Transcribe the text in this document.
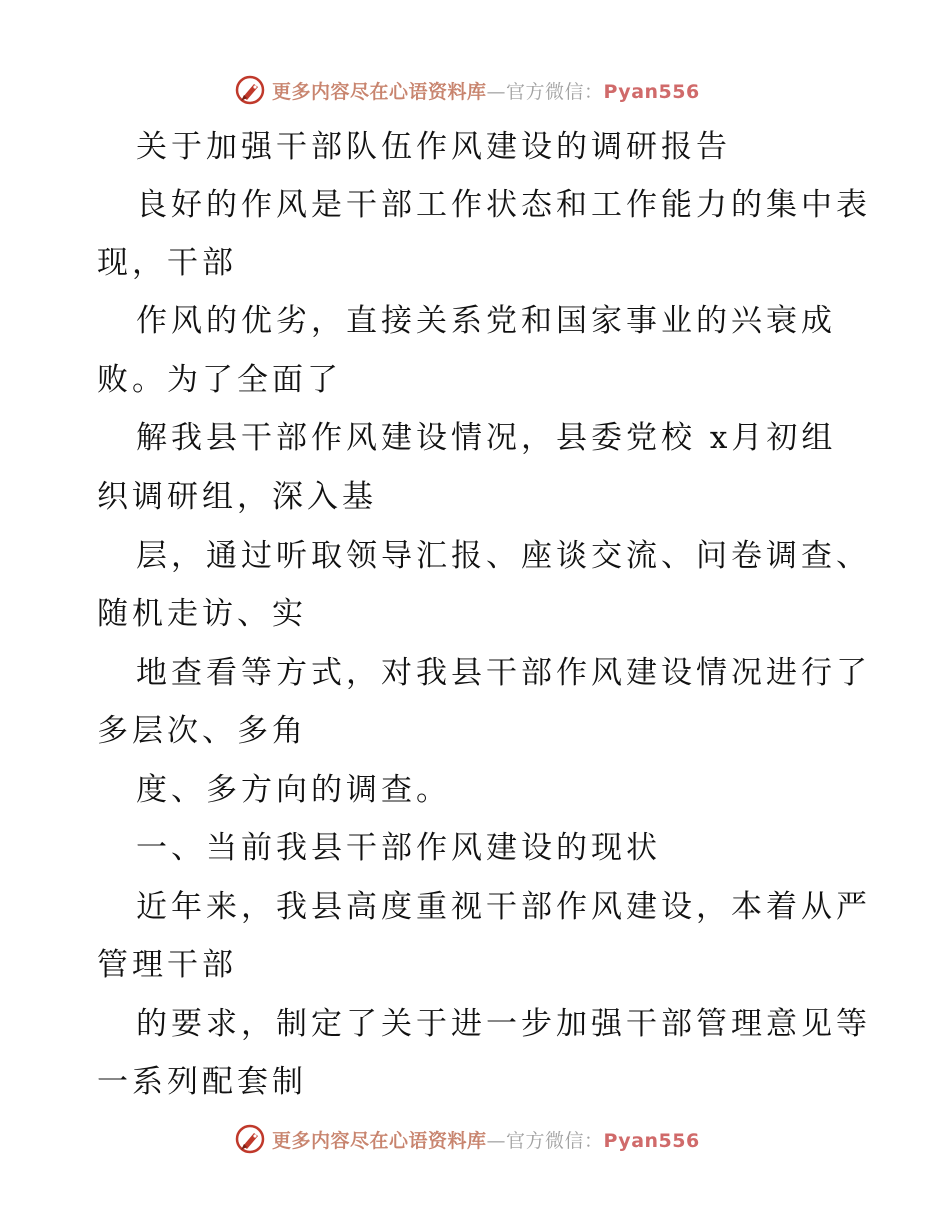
更多内容尽在心语资料库—官方微信：Pyan556

关于加强干部队伍作风建设的调研报告

良好的作风是干部工作状态和工作能力的集中表

现，干部

作风的优劣，直接关系党和国家事业的兴衰成

败。为了全面了

解我县干部作风建设情况，县委党校 x月初组

织调研组，深入基

层，通过听取领导汇报、座谈交流、问卷调查、

随机走访、实

地查看等方式，对我县干部作风建设情况进行了

多层次、多角

度、多方向的调查。

一、当前我县干部作风建设的现状

近年来，我县高度重视干部作风建设，本着从严

管理干部

的要求，制定了关于进一步加强干部管理意见等

一系列配套制

更多内容尽在心语资料库—官方微信：Pyan556
